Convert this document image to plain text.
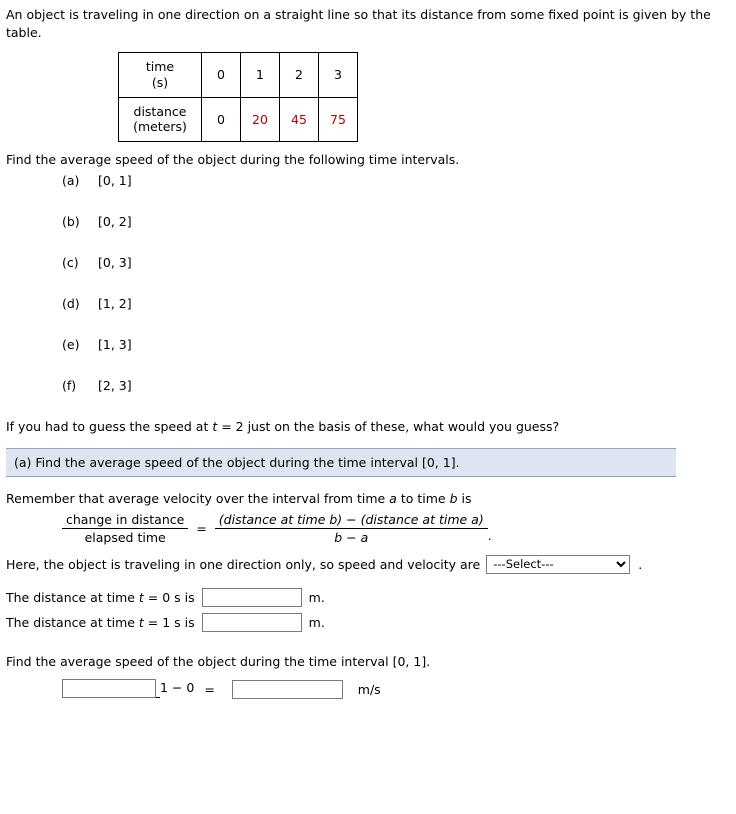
An object is traveling in one direction on a straight line so that its distance from some fixed point is given by the table.

time
(s)	0	1	2	3

distance
(meters)	0	20	45	75
Find the average speed of the object during the following time intervals.
(a) [0, 1]
(b) [0, 2]
(c) [0, 3]
(d) [1, 2]
(e) [1, 3]
(f) [2, 3]
If you had to guess the speed at t = 2 just on the basis of these, what would you guess?
(a) Find the average speed of the object during the time interval [0, 1].
Remember that average velocity over the interval from time a to time b is
$\frac{\text{change in distance}}{\text{elapsed time}} = \frac{\text{(distance at time b) − (distance at time a)}}{b - a}$ .
Here, the object is traveling in one direction only, so speed and velocity are
---Select---	.
The distance at time t = 0 s is	m.
The distance at time t = 1 s is	m.
Find the average speed of the object during the time interval [0, 1].
1 − 0 =	m/s
